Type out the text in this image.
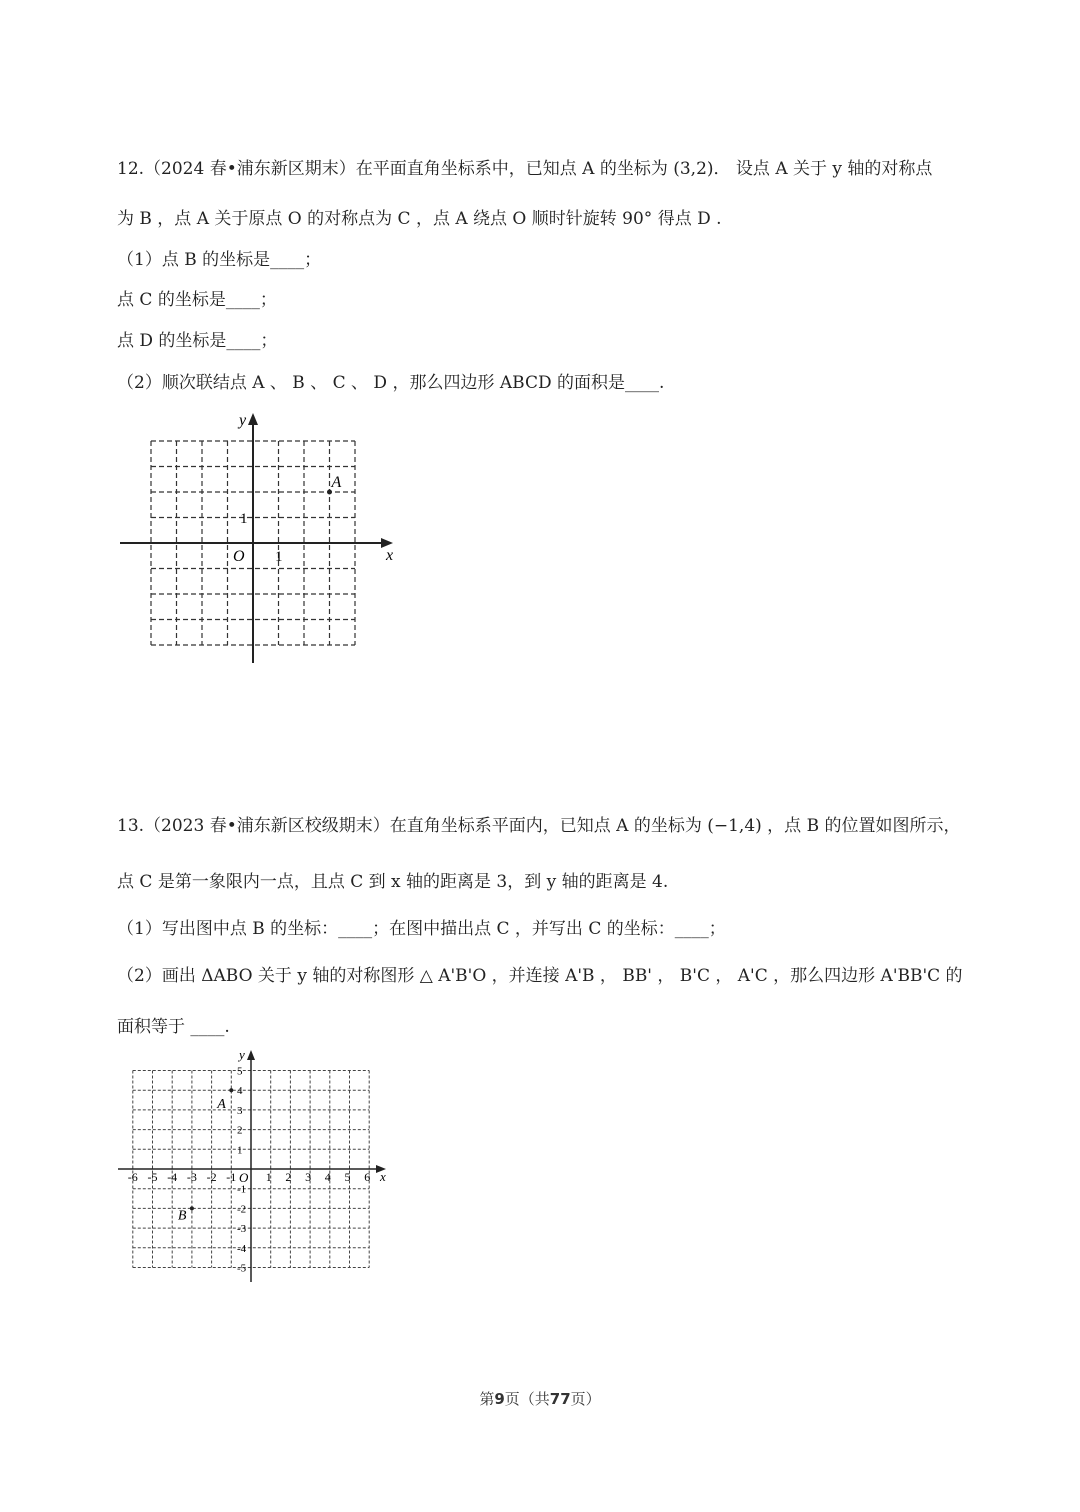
12.（2024 春•浦东新区期末）在平面直角坐标系中，已知点 A 的坐标为 (3,2)． 设点 A 关于 y 轴的对称点
为 B ，点 A 关于原点 O 的对称点为 C ，点 A 绕点 O 顺时针旋转 90° 得点 D .
（1）点 B 的坐标是____；
点 C 的坐标是____；
点 D 的坐标是____；
（2）顺次联结点 A 、 B 、 C 、 D ，那么四边形 ABCD 的面积是____.
x
y
O 1
1
A
13.（2023 春•浦东新区校级期末）在直角坐标系平面内，已知点 A 的坐标为 (−1,4) ，点 B 的位置如图所示，
点 C 是第一象限内一点，且点 C 到 x 轴的距离是 3，到 y 轴的距离是 4.
（1）写出图中点 B 的坐标：____；在图中描出点 C ，并写出 C 的坐标：____；
（2）画出 ΔABO 关于 y 轴的对称图形 △ A'B'O ，并连接 A'B ， BB' ， B'C ， A'C ，那么四边形 A'BB'C 的
面积等于 ____.
x
y
O
-6 -5 -4 -3 -2 -1 1 2 3 4 5 6
5
4
3
2
1
-1
-2
-3
-4
-5
A
B
第9页（共77页）
